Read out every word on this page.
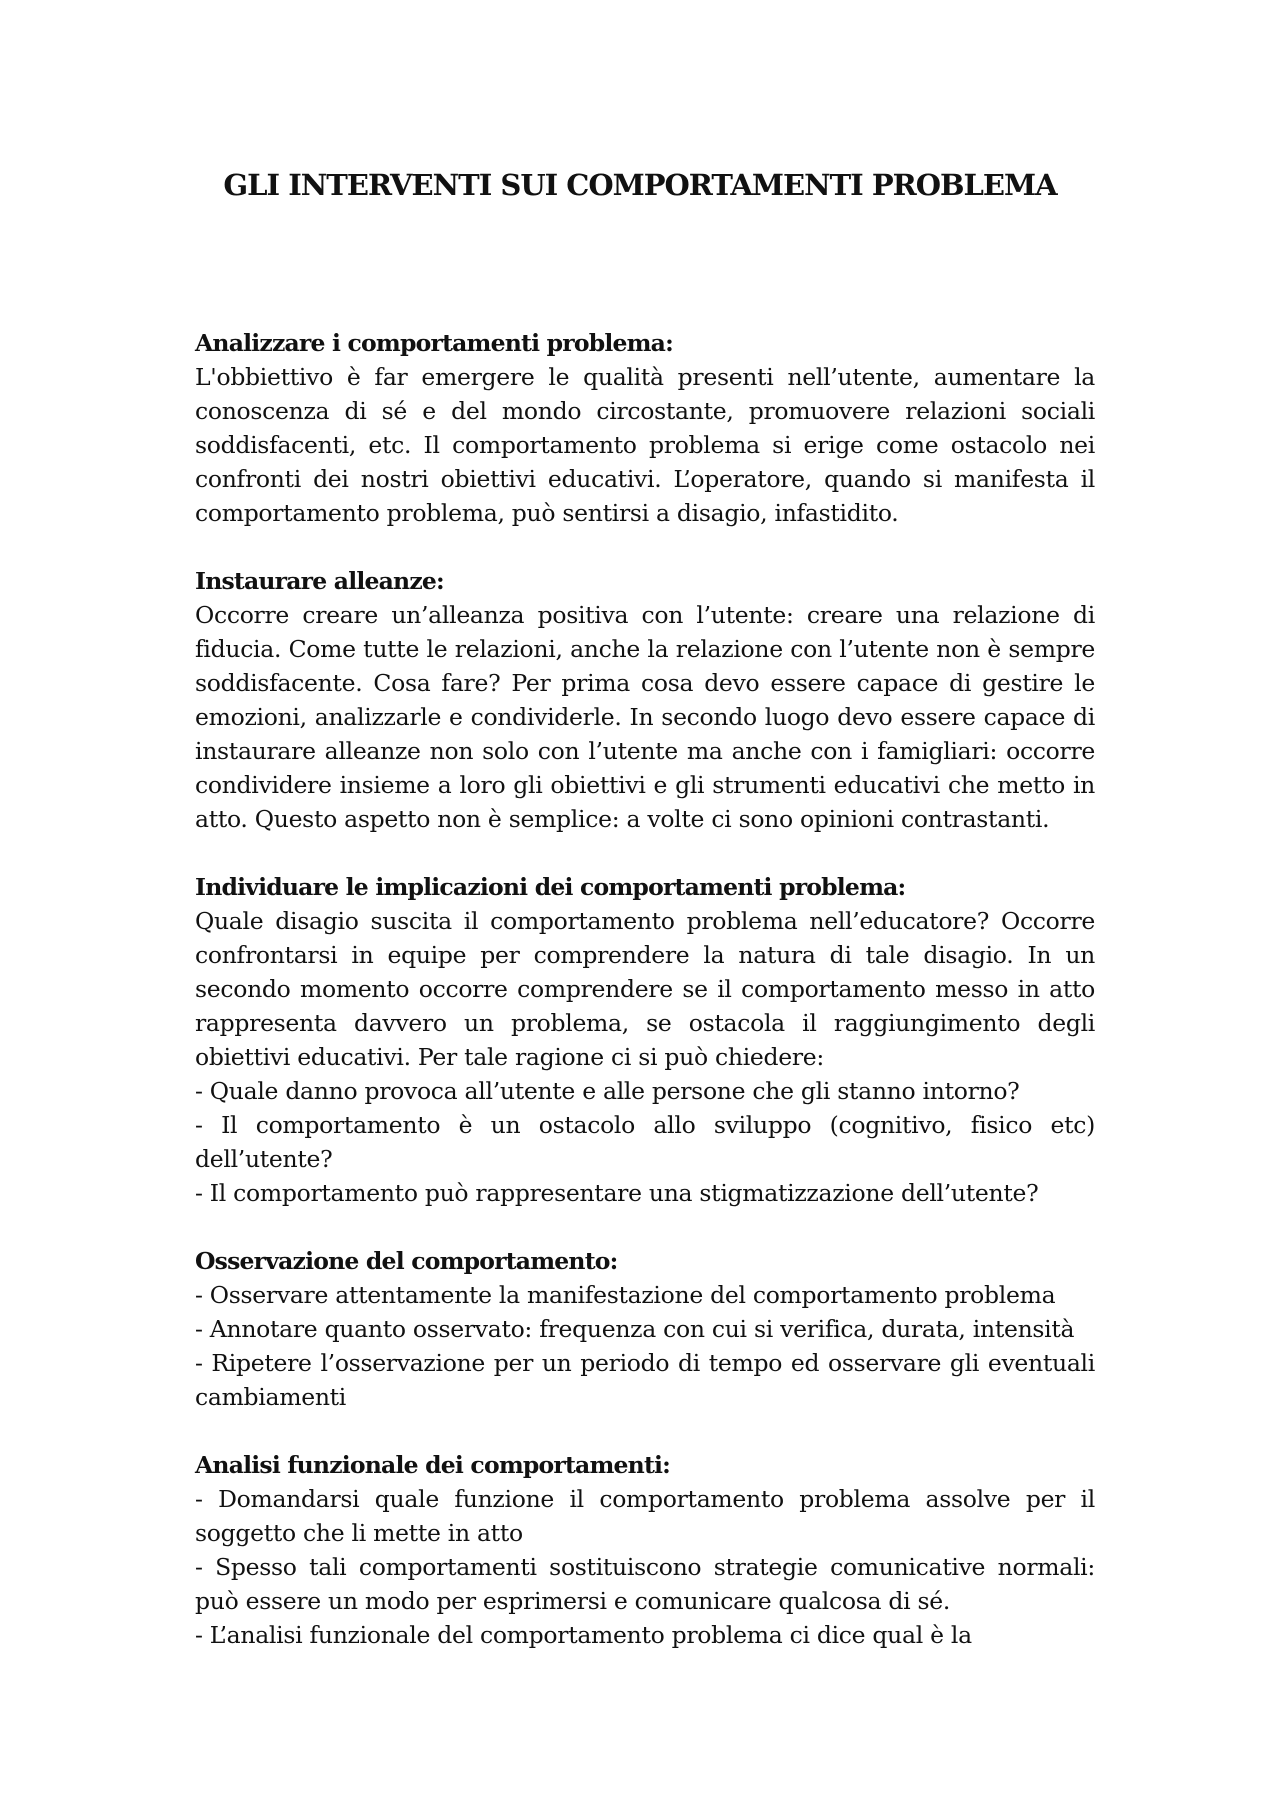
GLI INTERVENTI SUI COMPORTAMENTI PROBLEMA
Analizzare i comportamenti problema:

L'obbiettivo è far emergere le qualità presenti nell’utente, aumentare la conoscenza di sé e del mondo circostante, promuovere relazioni sociali soddisfacenti, etc. Il comportamento problema si erige come ostacolo nei confronti dei nostri obiettivi educativi. L’operatore, quando si manifesta il comportamento problema, può sentirsi a disagio, infastidito.

Instaurare alleanze:

Occorre creare un’alleanza positiva con l’utente: creare una relazione di fiducia. Come tutte le relazioni, anche la relazione con l’utente non è sempre soddisfacente. Cosa fare? Per prima cosa devo essere capace di gestire le emozioni, analizzarle e condividerle. In secondo luogo devo essere capace di instaurare alleanze non solo con l’utente ma anche con i famigliari: occorre condividere insieme a loro gli obiettivi e gli strumenti educativi che metto in atto. Questo aspetto non è semplice: a volte ci sono opinioni contrastanti.

Individuare le implicazioni dei comportamenti problema:

Quale disagio suscita il comportamento problema nell’educatore? Occorre confrontarsi in equipe per comprendere la natura di tale disagio. In un secondo momento occorre comprendere se il comportamento messo in atto rappresenta davvero un problema, se ostacola il raggiungimento degli obiettivi educativi. Per tale ragione ci si può chiedere:

- Quale danno provoca all’utente e alle persone che gli stanno intorno?

- Il comportamento è un ostacolo allo sviluppo (cognitivo, fisico etc) dell’utente?

- Il comportamento può rappresentare una stigmatizzazione dell’utente?

Osservazione del comportamento:

- Osservare attentamente la manifestazione del comportamento problema

- Annotare quanto osservato: frequenza con cui si verifica, durata, intensità

- Ripetere l’osservazione per un periodo di tempo ed osservare gli eventuali cambiamenti

Analisi funzionale dei comportamenti:

- Domandarsi quale funzione il comportamento problema assolve per il soggetto che li mette in atto

- Spesso tali comportamenti sostituiscono strategie comunicative normali: può essere un modo per esprimersi e comunicare qualcosa di sé.

- L’analisi funzionale del comportamento problema ci dice qual è la
